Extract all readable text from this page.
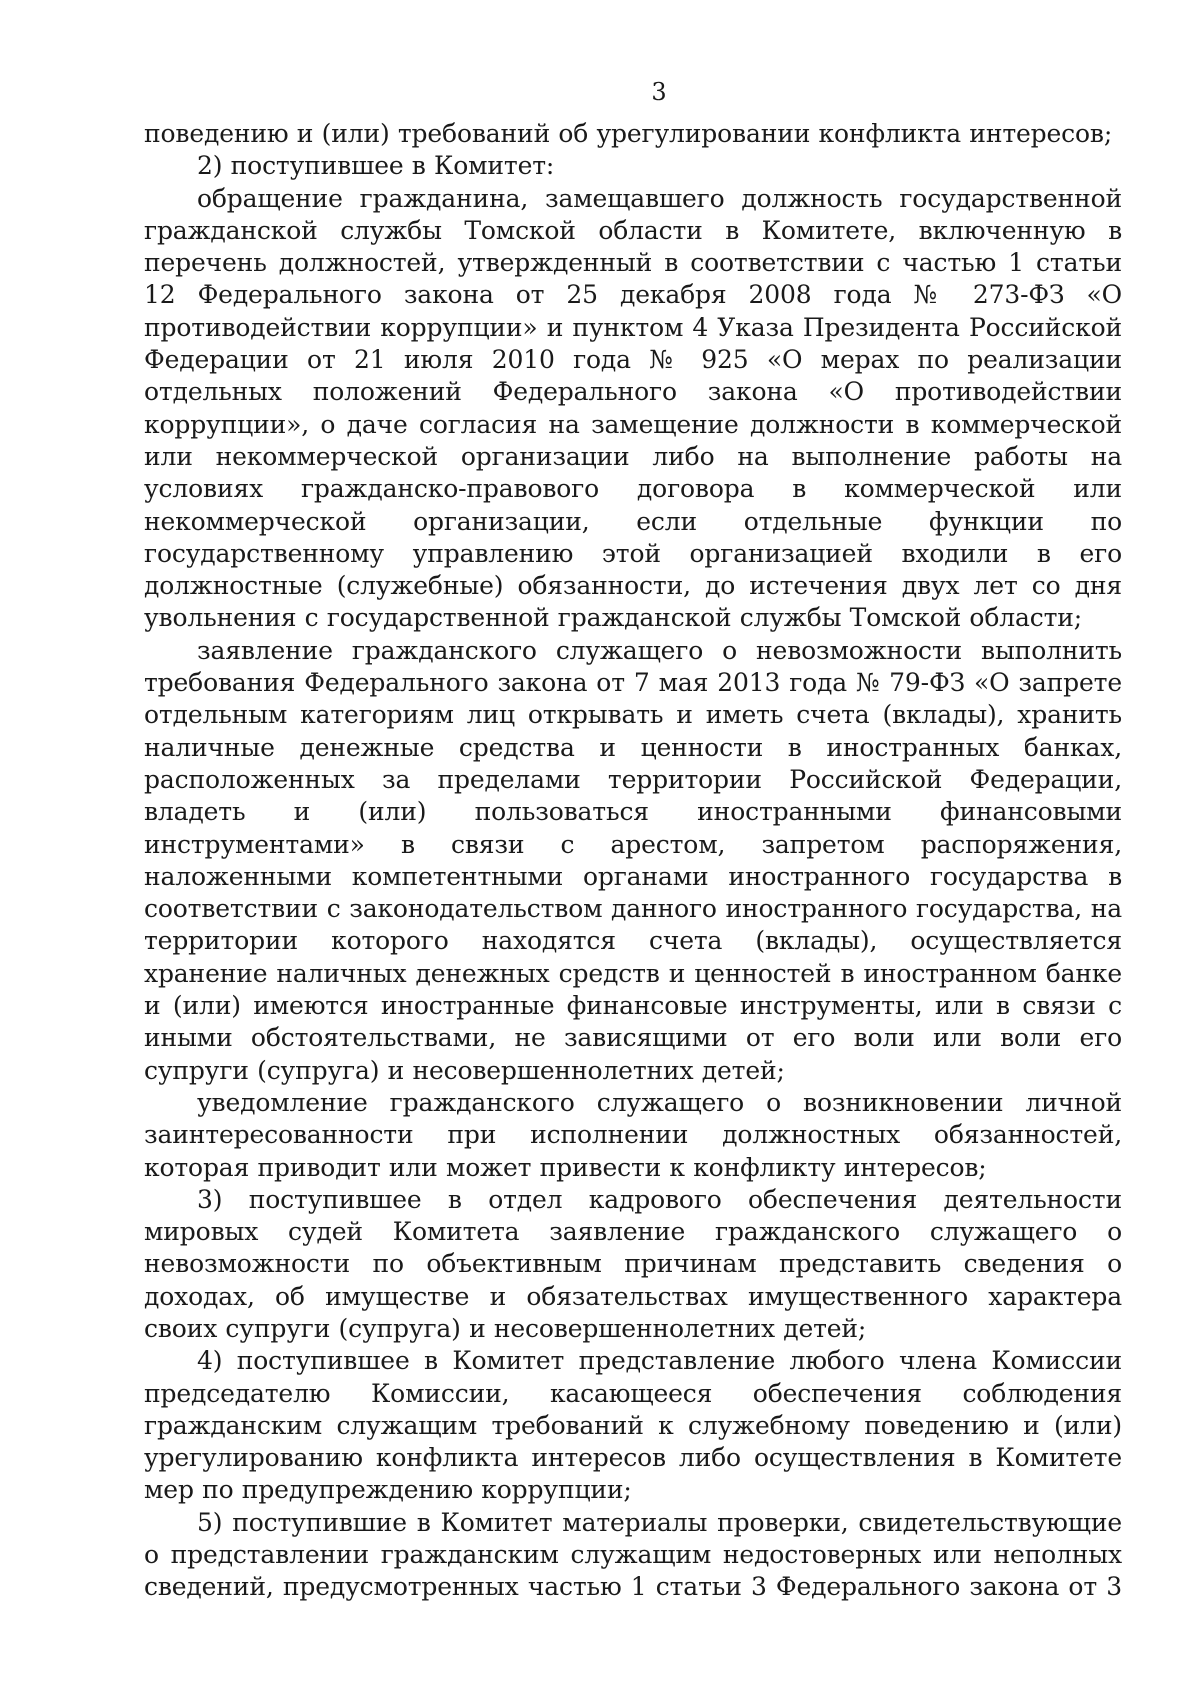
3

поведению и (или) требований об урегулировании конфликта интересов;

2) поступившее в Комитет:

обращение гражданина, замещавшего должность государственной гражданской службы Томской области в Комитете, включенную в перечень должностей, утвержденный в соответствии с частью 1 статьи 12 Федерального закона от 25 декабря 2008 года № 273-ФЗ «О противодействии коррупции» и пунктом 4 Указа Президента Российской Федерации от 21 июля 2010 года № 925 «О мерах по реализации отдельных положений Федерального закона «О противодействии коррупции», о даче согласия на замещение должности в коммерческой или некоммерческой организации либо на выполнение работы на условиях гражданско-правового договора в коммерческой или некоммерческой организации, если отдельные функции по государственному управлению этой организацией входили в его должностные (служебные) обязанности, до истечения двух лет со дня увольнения с государственной гражданской службы Томской области;

заявление гражданского служащего о невозможности выполнить требования Федерального закона от 7 мая 2013 года № 79-ФЗ «О запрете отдельным категориям лиц открывать и иметь счета (вклады), хранить наличные денежные средства и ценности в иностранных банках, расположенных за пределами территории Российской Федерации, владеть и (или) пользоваться иностранными финансовыми инструментами» в связи с арестом, запретом распоряжения, наложенными компетентными органами иностранного государства в соответствии с законодательством данного иностранного государства, на территории которого находятся счета (вклады), осуществляется хранение наличных денежных средств и ценностей в иностранном банке и (или) имеются иностранные финансовые инструменты, или в связи с иными обстоятельствами, не зависящими от его воли или воли его супруги (супруга) и несовершеннолетних детей;

уведомление гражданского служащего о возникновении личной заинтересованности при исполнении должностных обязанностей, которая приводит или может привести к конфликту интересов;

3) поступившее в отдел кадрового обеспечения деятельности мировых судей Комитета заявление гражданского служащего о невозможности по объективным причинам представить сведения о доходах, об имуществе и обязательствах имущественного характера своих супруги (супруга) и несовершеннолетних детей;

4) поступившее в Комитет представление любого члена Комиссии председателю Комиссии, касающееся обеспечения соблюдения гражданским служащим требований к служебному поведению и (или) урегулированию конфликта интересов либо осуществления в Комитете мер по предупреждению коррупции;

5) поступившие в Комитет материалы проверки, свидетельствующие о представлении гражданским служащим недостоверных или неполных сведений, предусмотренных частью 1 статьи 3 Федерального закона от 3
